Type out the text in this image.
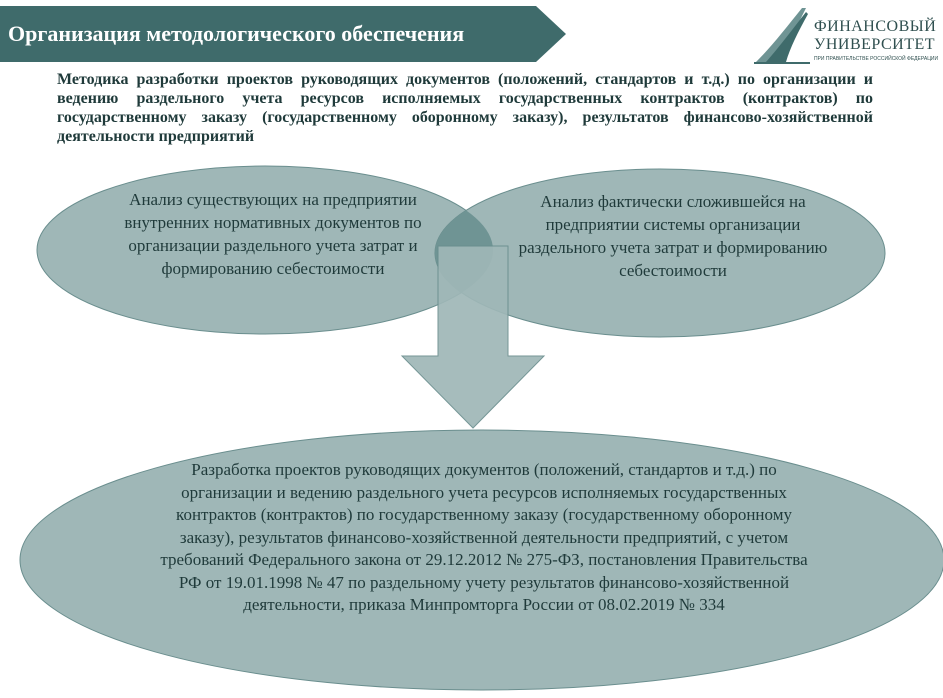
Организация методологического обеспечения	ФИНАНСОВЫЙ
УНИВЕРСИТЕТ
ПРИ ПРАВИТЕЛЬСТВЕ РОССИЙСКОЙ ФЕДЕРАЦИИ
Методика разработки проектов руководящих документов (положений, стандартов и т.д.) по организации и ведению раздельного учета ресурсов исполняемых государственных контрактов (контрактов) по государственному заказу (государственному оборонному заказу), результатов финансово-хозяйственной деятельности предприятий
Анализ существующих на предприятии внутренних нормативных документов по организации раздельного учета затрат и формированию себестоимости
Анализ фактически сложившейся на предприятии системы организации раздельного учета затрат и формированию себестоимости
Разработка проектов руководящих документов (положений, стандартов и т.д.) по организации и ведению раздельного учета ресурсов исполняемых государственных контрактов (контрактов) по государственному заказу (государственному оборонному заказу), результатов финансово-хозяйственной деятельности предприятий, с учетом требований Федерального закона от 29.12.2012 № 275-ФЗ, постановления Правительства РФ от 19.01.1998 № 47 по раздельному учету результатов финансово-хозяйственной деятельности, приказа Минпромторга России от 08.02.2019 № 334
